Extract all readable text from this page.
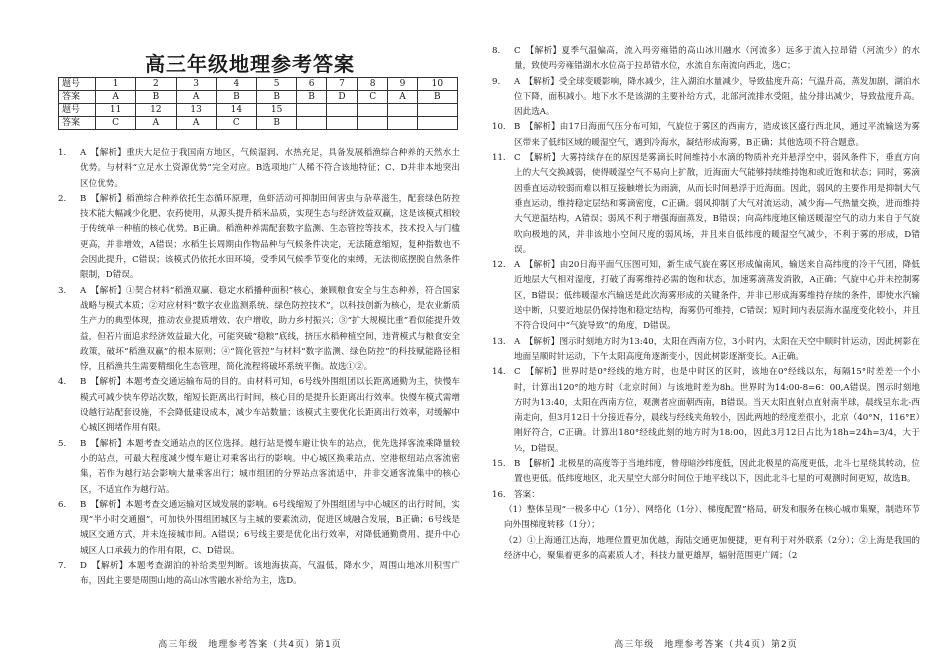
高三年级地理参考答案
题号	1	2	3	4	5	6	7	8	9	10
答案	A	B	A	B	B	B	D	C	A	B
题号	11	12	13	14	15					
答案	C	A	A	C	B					
1.	A　【解析】重庆大足位于我国南方地区，气候湿润、水热充足，具备发展稻渔综合种养的天然水土优势。与材料“立足水土资源优势”完全对应。B选项地广人稀不符合该地特征；C、D并非本地突出区位优势。
2.	B　【解析】稻渔综合种养依托生态循环原理，鱼虾活动可抑制田间害虫与杂草滋生，配套绿色防控技术能大幅减少化肥、农药使用，从源头提升稻米品质，实现生态与经济效益双赢，这是该模式相较于传统单一种植的核心优势。B正确。稻渔种养需配套数字监测、生态管控等技术，技术投入与门槛更高，并非增效，A错误；水稻生长周期由作物品种与气候条件决定，无法随意缩短，复种指数也不会因此提升，C错误；该模式仍依托水田环境，受季风气候季节变化的束缚，无法彻底摆脱自然条件限制，D错误。
3.	A　【解析】①契合材料“稻渔双赢、稳定水稻播种面积”核心，兼顾粮食安全与生态种养，符合国家战略与模式本质；②对应材料“数字农业监测系统、绿色防控技术”，以科技创新为核心，是农业新质生产力的典型体现，推动农业提质增效、农户增收，助力乡村振兴；③“扩大规模比重”看似能提升效益，但若片面追求经济效益最大化，可能突破“稳粮”底线，挤压水稻种植空间，违背模式与粮食安全政策，破坏“稻渔双赢”的根本原则；④“简化管控”与材料“数字监测、绿色防控”的科技赋能路径相悖，且稻渔共生需要精细化生态管理，简化流程将破坏系统平衡。故选①②。
4.	B　【解析】本题考查交通运输布局的目的。由材料可知，6号线外围组团以长距离通勤为主，快慢车模式可减少快车停站次数，缩短长距离出行时间，核心目的是提升长距离出行效率。快慢车模式需增设越行站配套设施，不会降低建设成本，减少车站数量；该模式主要优化长距离出行效率，对缓解中心城区拥堵作用有限。
5.	B　【解析】本题考查交通站点的区位选择。越行站是慢车避让快车的站点，优先选择客流乘降量较小的站点，可最大程度减少慢车避让对乘客出行的影响。中心城区换乘站点、空港枢纽站点客流密集，若作为越行站会影响大量乘客出行；城市组团的分界站点客流适中，并非交通客流集中的核心区，不适宜作为越行站。
6.	B　【解析】本题考查交通运输对区域发展的影响。6号线缩短了外围组团与中心城区的出行时间，实现“半小时交通圈”，可加快外围组团城区与主城的要素流动，促进区域融合发展，B正确；6号线是城区交通方式，并未连接城市间。A错误；6号线主要是优化出行效率，对降低通勤费用、提升中心城区人口承载力的作用有限，C、D错误。
7.	D　【解析】本题考查湖泊的补给类型判断。该地海拔高，气温低，降水少，周围山地冰川积雪广布，因此主要是周围山地的高山冰雪融水补给为主，选D。
高三年级　地理参考答案（共4页）第1页
8.	C　【解析】夏季气温偏高，流入玛旁雍错的高山冰川融水（河流多）远多于流入拉昂错（河流少）的水量，致使玛旁雍错湖水水位高于拉昂错水位，水流自东南流向西北，选C；
9.	A　【解析】受全球变暖影响，降水减少，注入湖泊水量减少，导致盐度升高；气温升高，蒸发加剧，湖泊水位下降，面积减小。地下水不是该湖的主要补给方式，北部河流排水受阻，盐分排出减少，导致盐度升高。因此选A。
10. B　【解析】由17日海面气压分布可知，气旋位于雾区的西南方，造成该区盛行西北风，通过平流输送为雾区带来了低纬区域的暖湿空气，遇到冷海水，凝结形成海雾，B正确；其他选项不符合题意。
11. C　【解析】大雾持续存在的原因是雾滴长时间维持小水滴的物质补充并悬浮空中，弱风条件下，垂直方向上的大气交换减弱，使得暖湿空气不易向上扩散，近海面大气能够持续维持饱和或近饱和状态；同时，雾滴因垂直运动较弱而难以相互接触增长为雨滴，从而长时间悬浮于近海面。因此，弱风的主要作用是抑制大气垂直运动，维持稳定层结和雾滴密度，C正确。弱风抑制了大气对流运动，减少海—气热量交换，进而维持大气逆温结构，A错误；弱风不利于增强海面蒸发，B错误；向高纬度地区输送暖湿空气的动力来自于气旋吹向极地的风，并非该地小空间尺度的弱风场，并且来自低纬度的暖湿空气减少，不利于雾的形成，D错误。
12. A　【解析】由20日海平面气压图可知，新生成气旋在雾区形成偏南风，输送来自高纬度的冷干气团，降低近地层大气相对湿度，打破了海雾维持必需的饱和状态，加速雾滴蒸发消散，A正确；气旋中心并未控制雾区，B错误；低纬暖湿水汽输送是此次海雾形成的关键条件，并非已形成海雾维持存续的条件，即使水汽输送中断，只要近地层仍保持饱和稳定结构，海雾仍可维持，C错误；短时间内表层海水温度变化较小，并且不符合设问中“气旋导致”的角度，D错误。
13. A　【解析】图示时刻地方时为13:40，太阳在西南方位，3小时内，太阳在天空中顺时针运动，因此树影在地面呈顺时针运动，下午太阳高度角逐渐变小，因此树影逐渐变长。A正确。
14. C　【解析】世界时是0°经线的地方时，也是中时区的区时，该地在0°经线以东，每隔15°时差差一个小时，计算出120°的地方时（北京时间）与该地时差为8h。世界时为14:00-8=6：00,A错误。图示时刻地方时为13:40，太阳在西南方位，观测者应面朝西南，B错误。当天太阳直射点直射南半球，晨线呈东北-西南走向，但3月12日十分接近春分，晨线与经线夹角较小，因此两地的经度差很小，北京（40°N，116°E）刚好符合，C正确。计算出180°经线此刻的地方时为18:00，因此3月12日占比为18h=24h=3/4，大于½，D错误。
15. B　【解析】北极星的高度等于当地纬度，曾母暗沙纬度低，因此北极星的高度更低，北斗七星绕其转动，位置也更低。低纬度地区，北天星空大部分时间位于地平线以下，因此北斗七星的可观测时间更短，故选B。
16. 答案：
（1）整体呈现“一极多中心（1分）、网络化（1分）、梯度配置”格局，研发和服务在核心城市集聚，制造环节向外围梯度转移（1分）；
（2）①上海通江达海，地理位置更加优越，海陆交通更加便捷，更有利于对外联系（2分）；②上海是我国的经济中心，聚集着更多的高素质人才，科技力量更雄厚，辐射范围更广阔；（2
高三年级　地理参考答案（共4页）第2页
